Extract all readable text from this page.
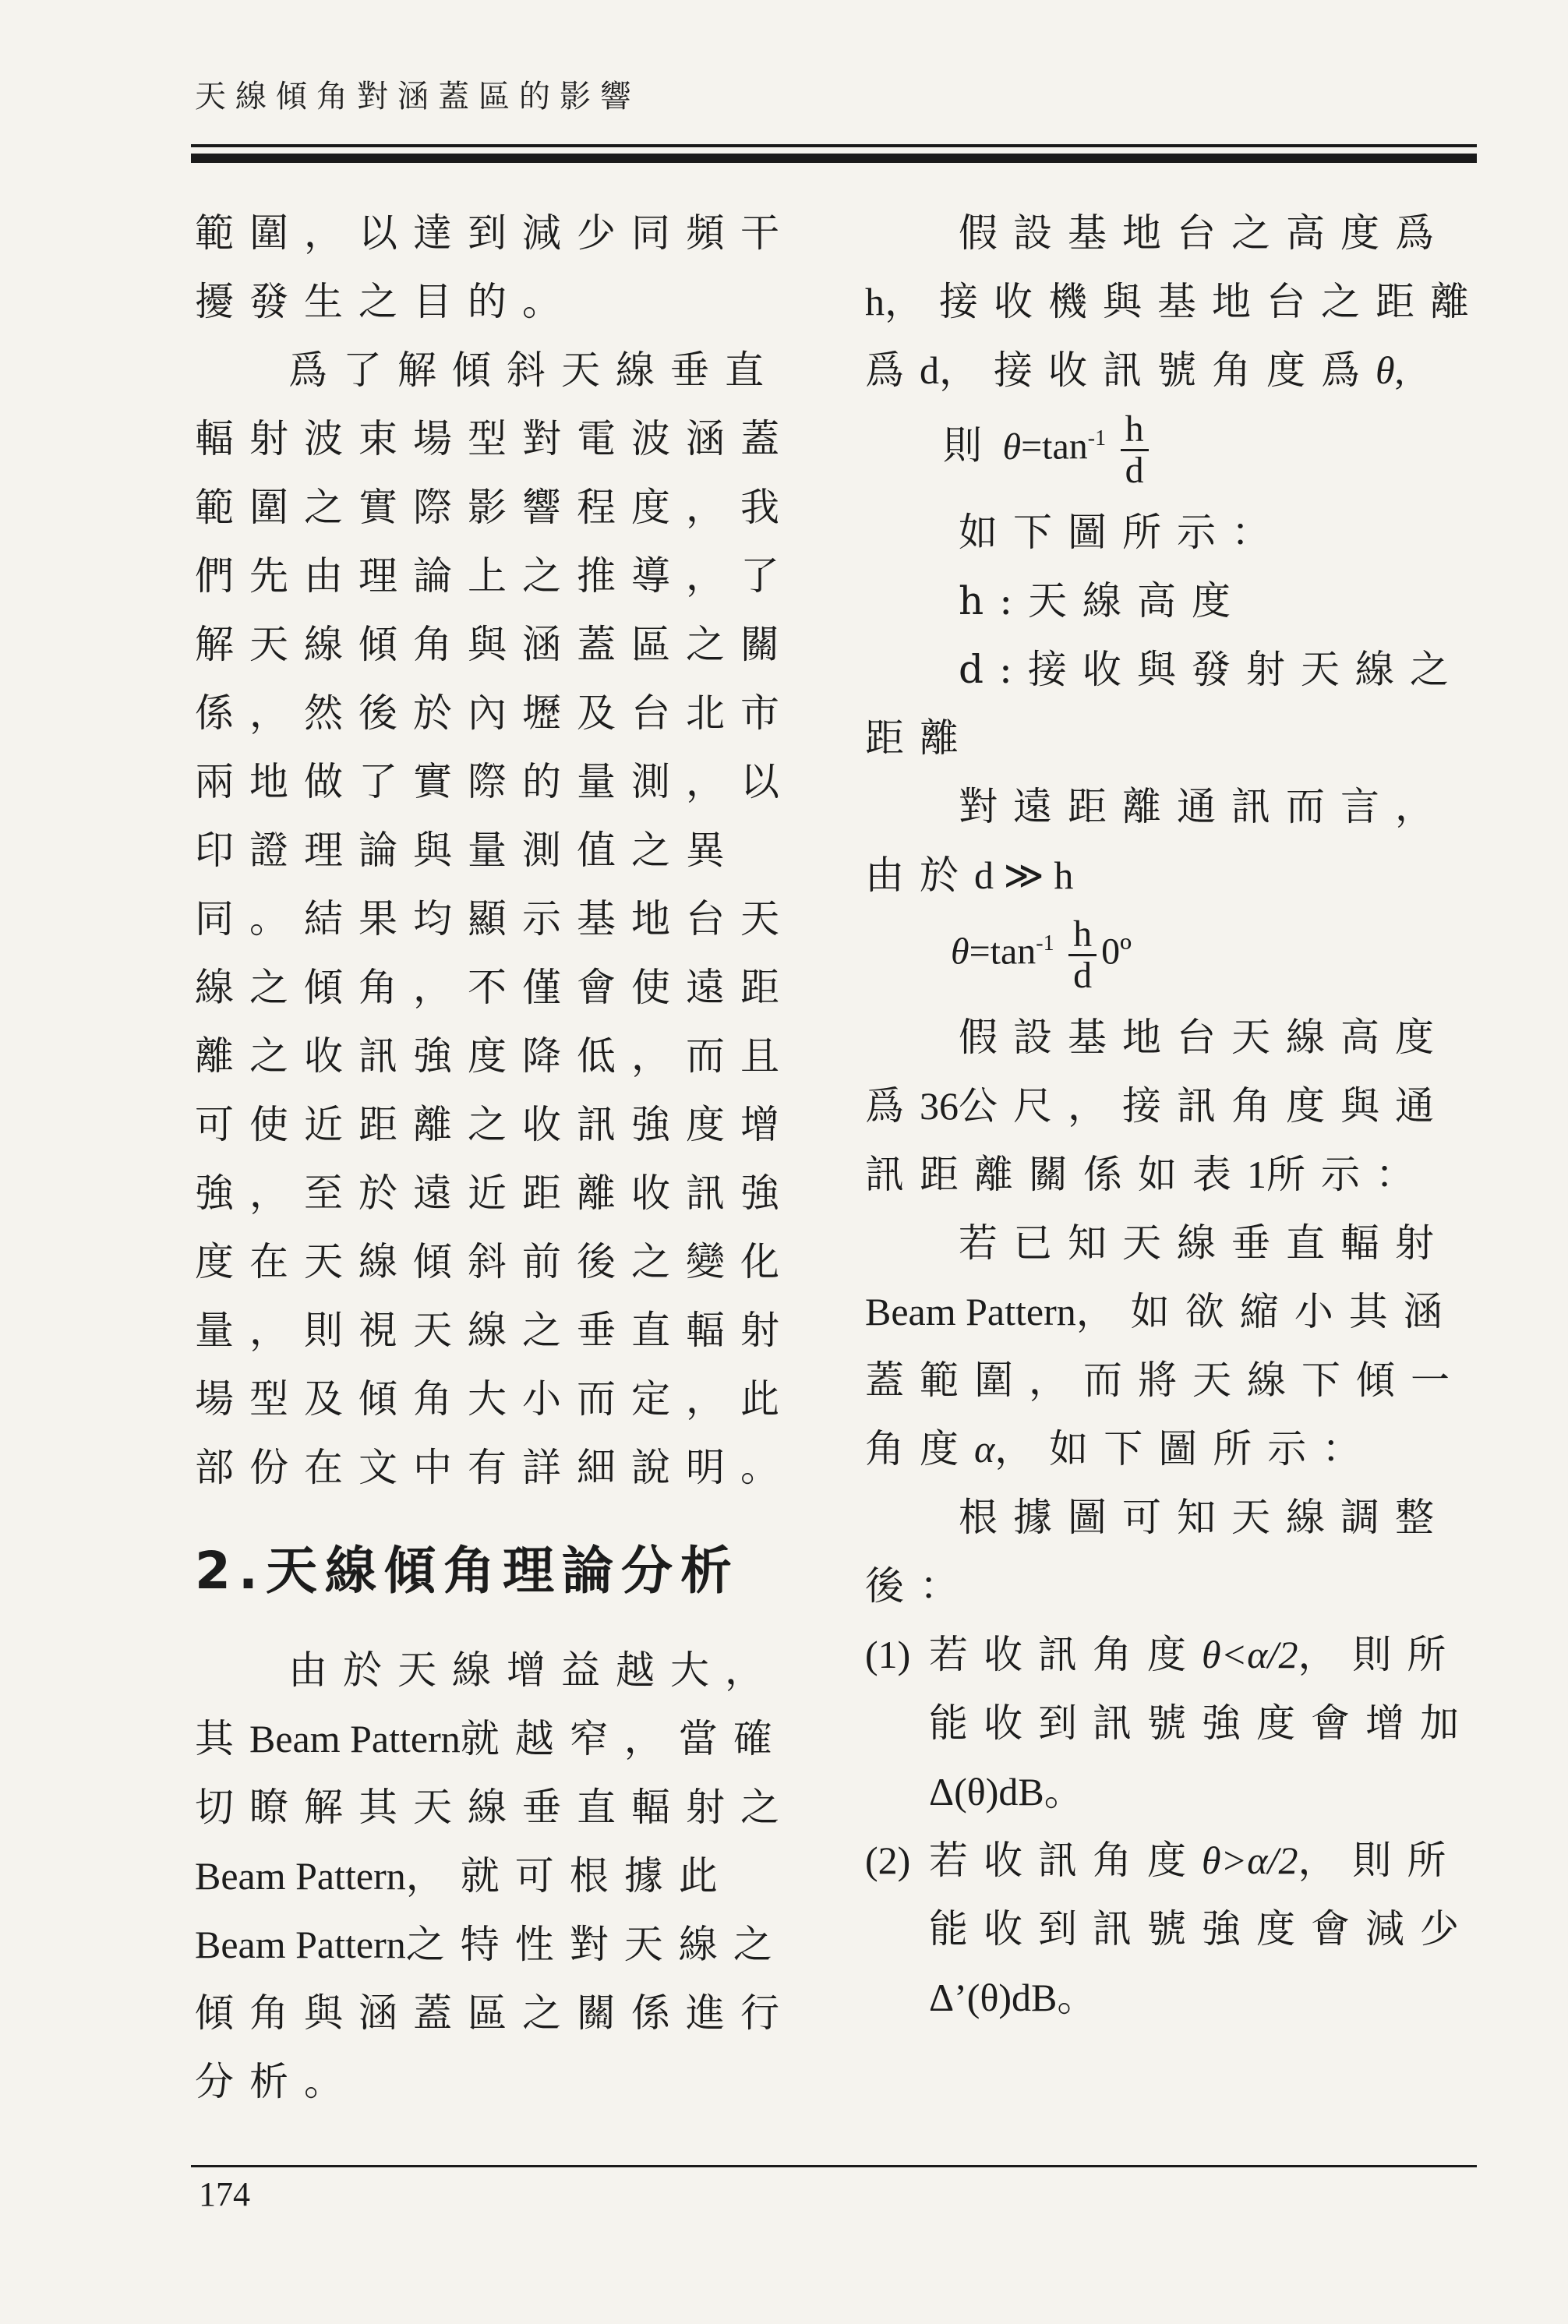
天線傾角對涵蓋區的影響

範圍，以達到減少同頻干擾發生之目的。

爲了解傾斜天線垂直輻射波束場型對電波涵蓋範圍之實際影響程度，我們先由理論上之推導，了解天線傾角與涵蓋區之關係，然後於內壢及台北市兩地做了實際的量測，以印證理論與量測值之異同。結果均顯示基地台天線之傾角，不僅會使遠距離之收訊強度降低，而且可使近距離之收訊強度增強，至於遠近距離收訊強度在天線傾斜前後之變化量，則視天線之垂直輻射場型及傾角大小而定，此部份在文中有詳細說明。

2.天線傾角理論分析

由於天線增益越大，其Beam Pattern就越窄，當確切瞭解其天線垂直輻射之Beam Pattern，就可根據此Beam Pattern之特性對天線之傾角與涵蓋區之關係進行分析。

假設基地台之高度爲h，接收機與基地台之距離爲d，接收訊號角度爲θ,

則 $\theta=\tan^{-1} \frac{h}{d}$

如下圖所示：

h:天線高度

d:接收與發射天線之距離

對遠距離通訊而言，由於d ≫ h

$\theta=\tan^{-1} \frac{h}{d}$ 0º

假設基地台天線高度爲36公尺，接訊角度與通訊距離關係如表1所示：

若已知天線垂直輻射Beam Pattern，如欲縮小其涵蓋範圍，而將天線下傾一角度α，如下圖所示：

根據圖可知天線調整後：

(1) 若收訊角度θ<α/2，則所能收到訊號強度會增加Δ(θ)dB。

(2) 若收訊角度θ>α/2，則所能收到訊號強度會減少Δ’(θ)dB。

174
